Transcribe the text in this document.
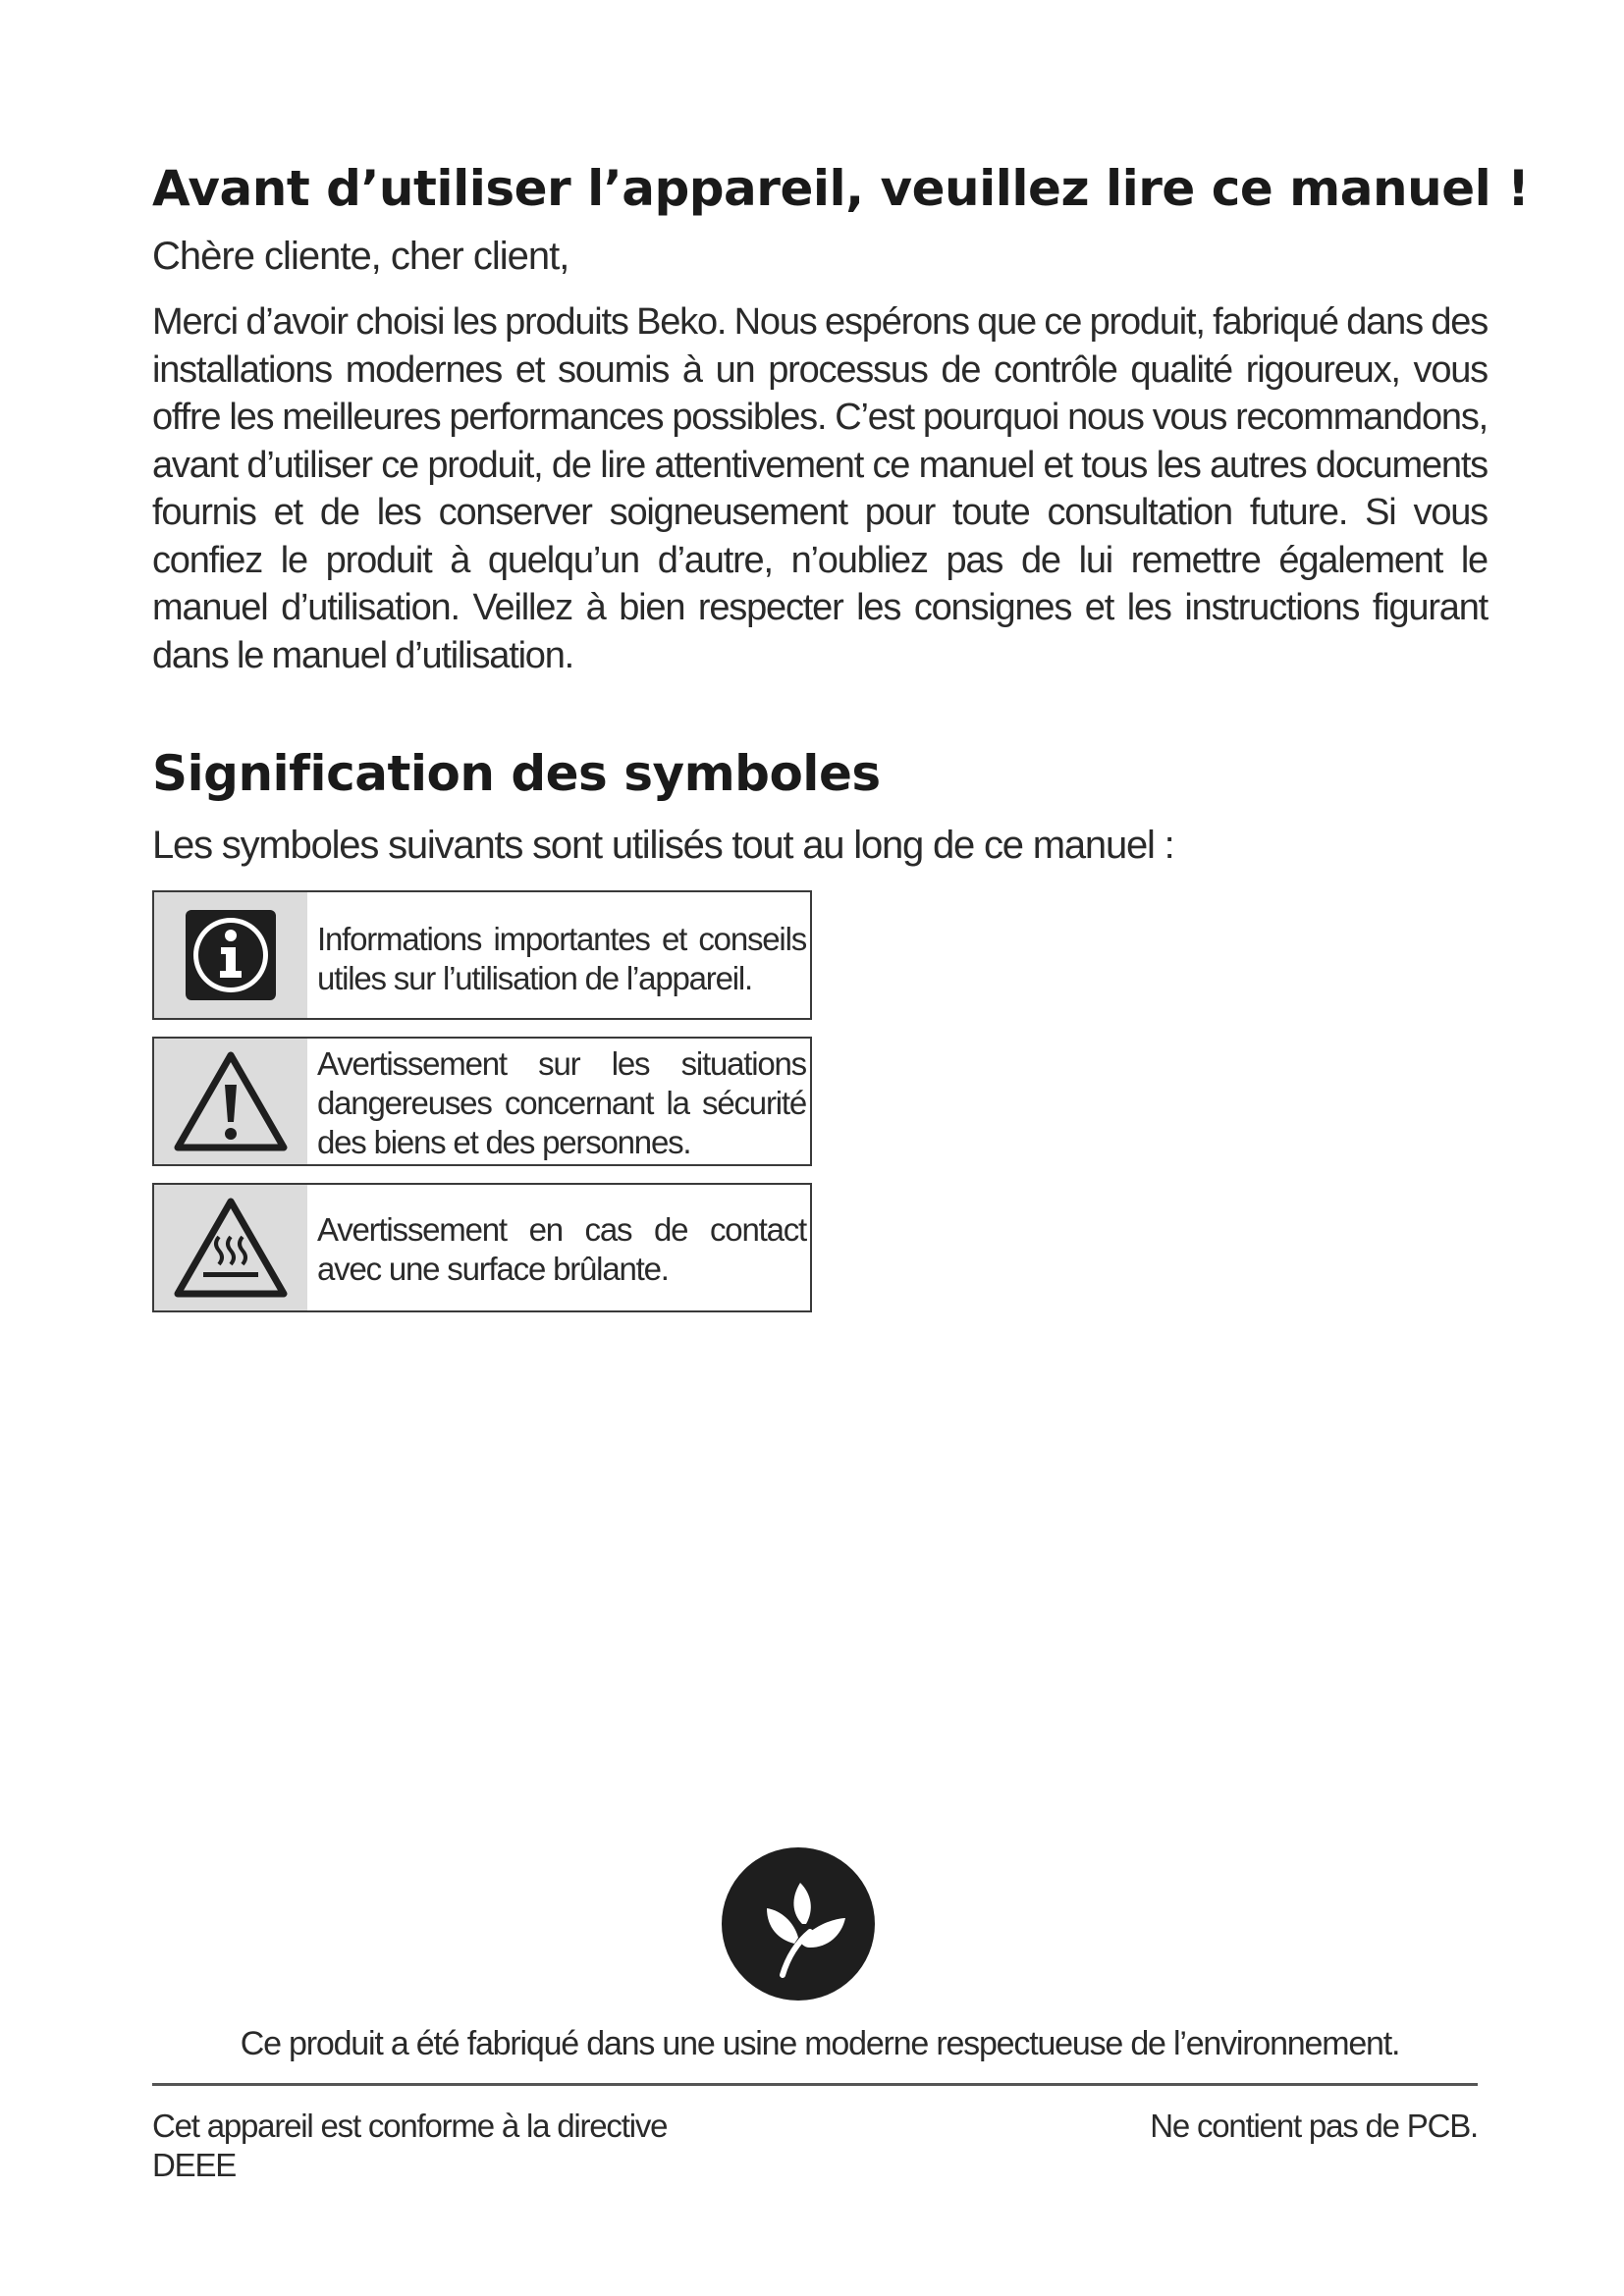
Avant d’utiliser l’appareil, veuillez lire ce manuel !

Chère cliente, cher client,

Merci d’avoir choisi les produits Beko. Nous espérons que ce produit, fabriqué dans des installations modernes et soumis à un processus de contrôle qualité rigoureux, vous offre les meilleures performances possibles. C’est pourquoi nous vous recommandons, avant d’utiliser ce produit, de lire attentivement ce manuel et tous les autres documents fournis et de les conserver soigneusement pour toute consultation future. Si vous confiez le produit à quelqu’un d’autre, n’oubliez pas de lui remettre également le manuel d’utilisation. Veillez à bien respecter les consignes et les instructions figurant dans le manuel d’utilisation.

Signification des symboles

Les symboles suivants sont utilisés tout au long de ce manuel :

Informations importantes et conseils utiles sur l’utilisation de l’appareil.
Avertissement sur les situations dangereuses concernant la sécurité des biens et des personnes.
Avertissement en cas de contact avec une surface brûlante.

Ce produit a été fabriqué dans une usine moderne respectueuse de l’environnement.

Cet appareil est conforme à la directive DEEE

Ne contient pas de PCB.
